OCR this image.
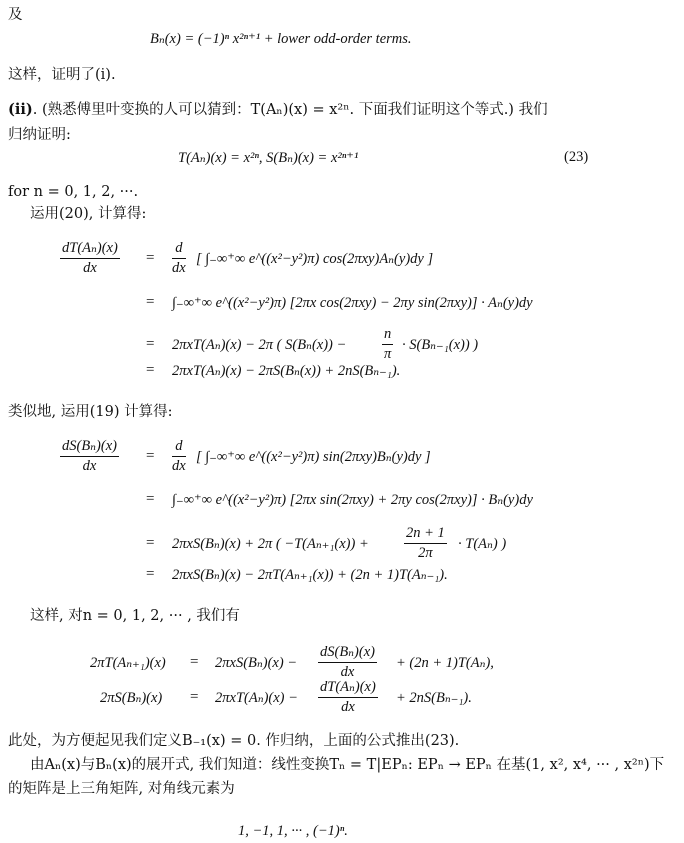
及
Bₙ(x) = (−1)ⁿ x²ⁿ⁺¹ + lower odd-order terms.
这样，证明了(i).
(ii). (熟悉傅里叶变换的人可以猜到：T(Aₙ)(x) = x²ⁿ. 下面我们证明这个等式.) 我们
归纳证明:
T(Aₙ)(x) = x²ⁿ, S(Bₙ)(x) = x²ⁿ⁺¹	(23)
for n = 0, 1, 2, ···.
运用(20), 计算得:
$\frac{\text{dT(Aₙ)(x)}}{dx} = \frac{d}{dx}$ [ ∫₋∞⁺∞ e^((x²−y²)π) cos(2πxy)Aₙ(y)dy ]
= ∫₋∞⁺∞ e^((x²−y²)π) [2πx cos(2πxy) − 2πy sin(2πxy)] · Aₙ(y)dy
= 2πxT(Aₙ)(x) − 2π ( $S(B_n(x)) - \frac{n}{\pi} \cdot S(B_{n-1}(x))$ )
= 2πxT(Aₙ)(x) − 2πS(Bₙ(x)) + 2nS(Bₙ₋₁).
类似地, 运用(19) 计算得:
$\frac{\text{dS(Bₙ)(x)}}{dx} = \frac{d}{dx}$ [ ∫₋∞⁺∞ e^((x²−y²)π) sin(2πxy)Bₙ(y)dy ]
= ∫₋∞⁺∞ e^((x²−y²)π) [2πx sin(2πxy) + 2πy cos(2πxy)] · Bₙ(y)dy
= 2πxS(Bₙ)(x) + 2π ( $-T(A_{n+1}(x)) + \frac{2n + 1}{2\pi} \cdot T(A_n)$ )
= 2πxS(Bₙ)(x) − 2πT(Aₙ₊₁(x)) + (2n + 1)T(Aₙ₋₁).
这样, 对n = 0, 1, 2, ··· , 我们有
$2\pi T(A_{n+1})(x) = 2\pi xS(B_n)(x) - \frac{\text{dS(Bₙ)(x)}}{dx} + (2n + 1)T(A_n)$,
$2\pi S(B_n)(x) = 2\pi xT(A_n)(x) - \frac{\text{dT(Aₙ)(x)}}{dx} + 2nS(B_{n-1})$.
此处，为方便起见我们定义B₋₁(x) = 0. 作归纳，上面的公式推出(23).
由Aₙ(x)与Bₙ(x)的展开式, 我们知道：线性变换Tₙ = T|EPₙ: EPₙ → EPₙ 在基(1, x², x⁴, ··· , x²ⁿ)下
的矩阵是上三角矩阵, 对角线元素为
1, −1, 1, ··· , (−1)ⁿ.
